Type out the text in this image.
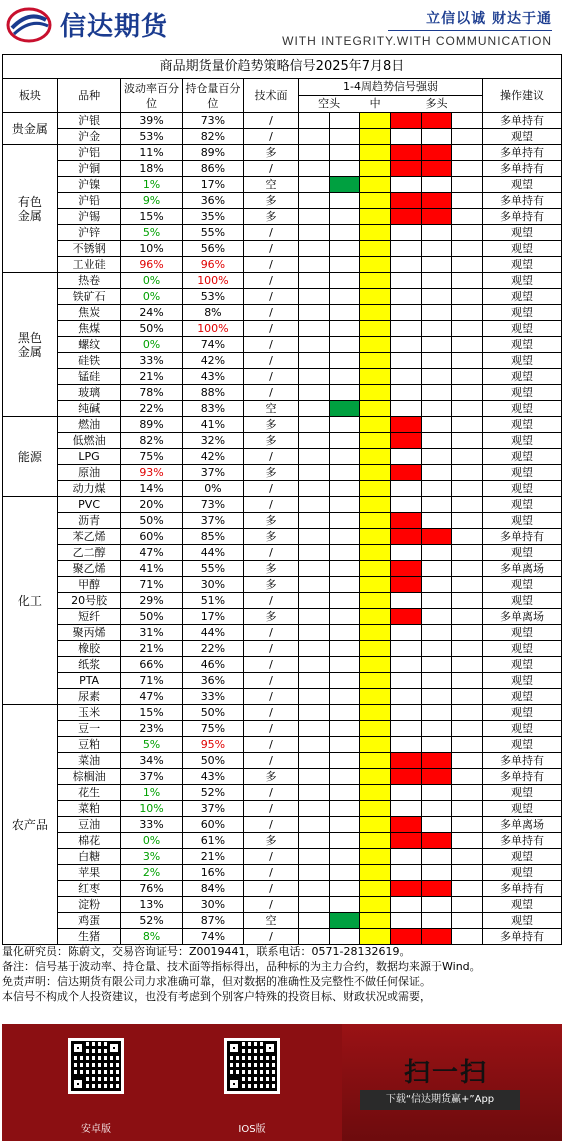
信达期货	立信以诚 财达于通
WITH INTEGRITY.WITH COMMUNICATION
商品期货量价趋势策略信号2025年7月8日											
板块	品种	波动率百分位	持仓量百分位	技术面	1-4周趋势信号强弱						操作建议
					空头		中	多头			
贵金属	沪银	39%	73%	/							多单持有
	沪金	53%	82%	/							观望
有色金属	沪铝	11%	89%	多							多单持有
	沪铜	18%	86%	/							多单持有
	沪镍	1%	17%	空							观望
	沪铅	9%	36%	多							多单持有
	沪锡	15%	35%	多							多单持有
	沪锌	5%	55%	/							观望
	不锈钢	10%	56%	/							观望
	工业硅	96%	96%	/							观望
黑色金属	热卷	0%	100%	/							观望
	铁矿石	0%	53%	/							观望
	焦炭	24%	8%	/							观望
	焦煤	50%	100%	/							观望
	螺纹	0%	74%	/							观望
	硅铁	33%	42%	/							观望
	锰硅	21%	43%	/							观望
	玻璃	78%	88%	/							观望
	纯碱	22%	83%	空							观望
能源	燃油	89%	41%	多							观望
	低燃油	82%	32%	多							观望
	LPG	75%	42%	/							观望
	原油	93%	37%	多							观望
	动力煤	14%	0%	/							观望
化工	PVC	20%	73%	/							观望
	沥青	50%	37%	多							观望
	苯乙烯	60%	85%	多							多单持有
	乙二醇	47%	44%	/							观望
	聚乙烯	41%	55%	多							多单离场
	甲醇	71%	30%	多							观望
	20号胶	29%	51%	/							观望
	短纤	50%	17%	多							多单离场
	聚丙烯	31%	44%	/							观望
	橡胶	21%	22%	/							观望
	纸浆	66%	46%	/							观望
	PTA	71%	36%	/							观望
	尿素	47%	33%	/							观望
农产品	玉米	15%	50%	/							观望
	豆一	23%	75%	/							观望
	豆粕	5%	95%	/							观望
	菜油	34%	50%	/							多单持有
	棕榈油	37%	43%	多							多单持有
	花生	1%	52%	/							观望
	菜粕	10%	37%	/							观望
	豆油	33%	60%	/							多单离场
	棉花	0%	61%	多							多单持有
	白糖	3%	21%	/							观望
	苹果	2%	16%	/							观望
	红枣	76%	84%	/							多单持有
	淀粉	13%	30%	/							观望
	鸡蛋	52%	87%	空							观望
	生猪	8%	74%	/							多单持有

量化研究员：陈蔚文，交易咨询证号：Z0019441，联系电话：0571-28132619。

备注：信号基于波动率、持仓量、技术面等指标得出，品种标的为主力合约，数据均来源于Wind。

免责声明：信达期货有限公司力求准确可靠，但对数据的准确性及完整性不做任何保证。

本信号不构成个人投资建议，也没有考虑到个别客户特殊的投资目标、财政状况或需要，

安卓版	IOS版
扫一扫
下载“信达期货赢+”App
